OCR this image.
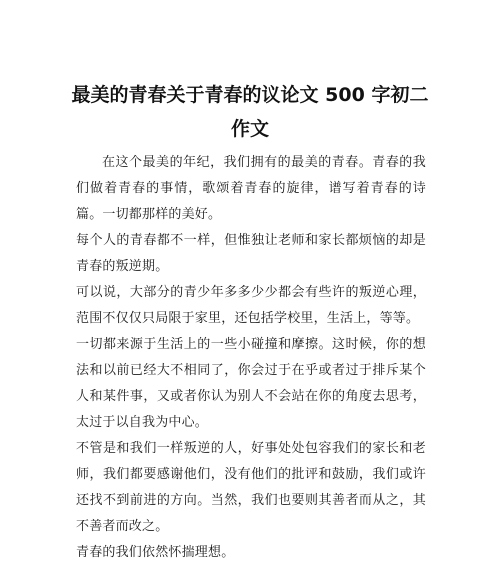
最美的青春关于青春的议论文 500 字初二作文

在这个最美的年纪，我们拥有的最美的青春。青春的我们做着青春的事情，歌颂着青春的旋律，谱写着青春的诗篇。一切都那样的美好。

每个人的青春都不一样，但惟独让老师和家长都烦恼的却是青春的叛逆期。

可以说，大部分的青少年多多少少都会有些许的叛逆心理，范围不仅仅只局限于家里，还包括学校里，生活上，等等。

一切都来源于生活上的一些小碰撞和摩擦。这时候，你的想法和以前已经大不相同了，你会过于在乎或者过于排斥某个人和某件事，又或者你认为别人不会站在你的角度去思考，太过于以自我为中心。

不管是和我们一样叛逆的人，好事处处包容我们的家长和老师，我们都要感谢他们，没有他们的批评和鼓励，我们或许还找不到前进的方向。当然，我们也要则其善者而从之，其不善者而改之。

青春的我们依然怀揣理想。
